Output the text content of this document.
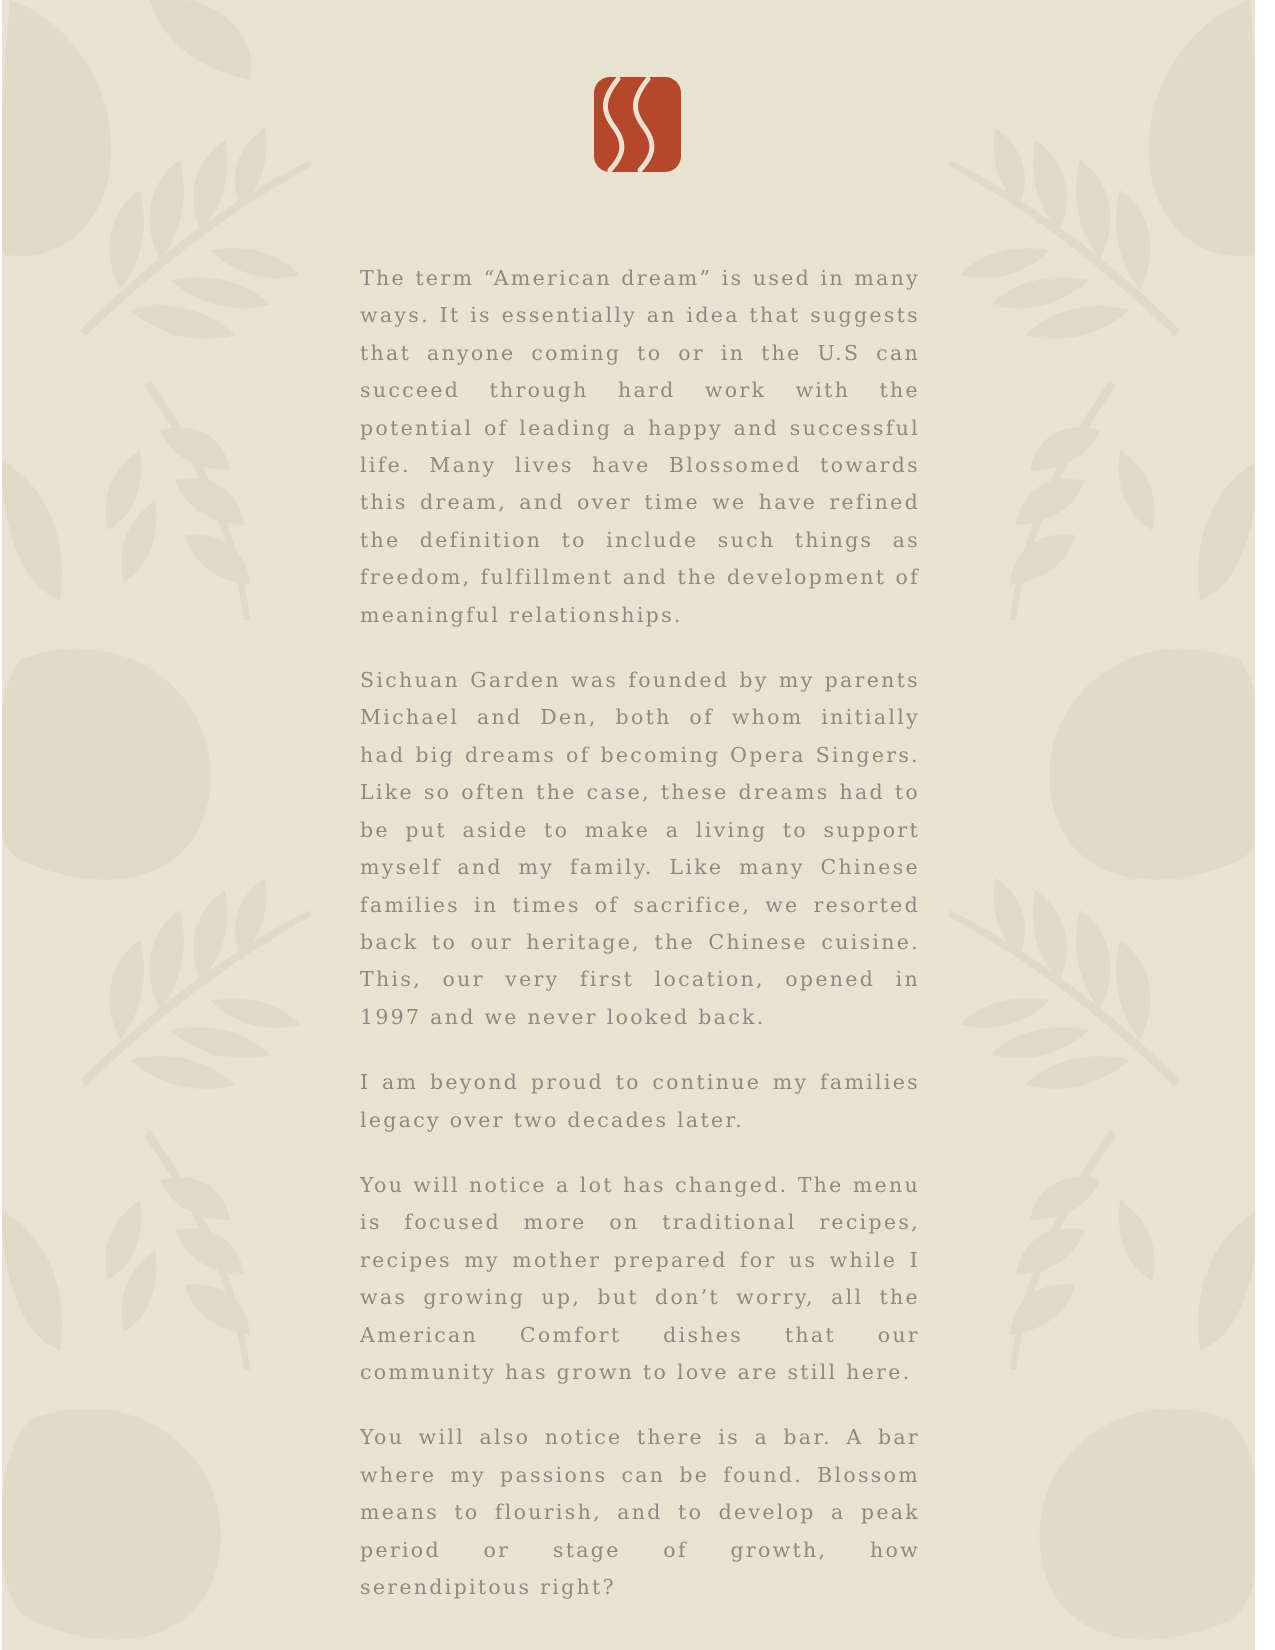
The term “American dream” is used in many ways. It is essentially an idea that suggests that anyone coming to or in the U.S can succeed through hard work with the potential of leading a happy and successful life. Many lives have Blossomed towards this dream, and over time we have refined the definition to include such things as freedom, fulfillment and the development of meaningful relationships.

Sichuan Garden was founded by my parents Michael and Den, both of whom initially had big dreams of becoming Opera Singers. Like so often the case, these dreams had to be put aside to make a living to support myself and my family. Like many Chinese families in times of sacrifice, we resorted back to our heritage, the Chinese cuisine. This, our very first location, opened in 1997 and we never looked back.

I am beyond proud to continue my families legacy over two decades later.

You will notice a lot has changed. The menu is focused more on traditional recipes, recipes my mother prepared for us while I was growing up, but don’t worry, all the American Comfort dishes that our community has grown to love are still here.

You will also notice there is a bar. A bar where my passions can be found. Blossom means to flourish, and to develop a peak period or stage of growth, how serendipitous right?
